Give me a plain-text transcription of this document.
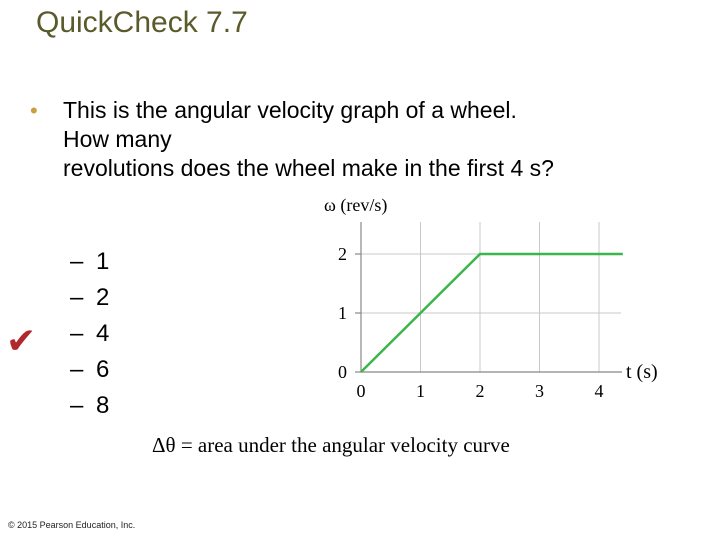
QuickCheck 7.7
• This is the angular velocity graph of a wheel.
How many
revolutions does the wheel make in the first 4 s?
– 1
– 2
– 4
– 6
– 8
✔
0
1
2
0	1	2	3	4
ω (rev/s)
t (s)
Δθ = area under the angular velocity curve
© 2015 Pearson Education, Inc.
